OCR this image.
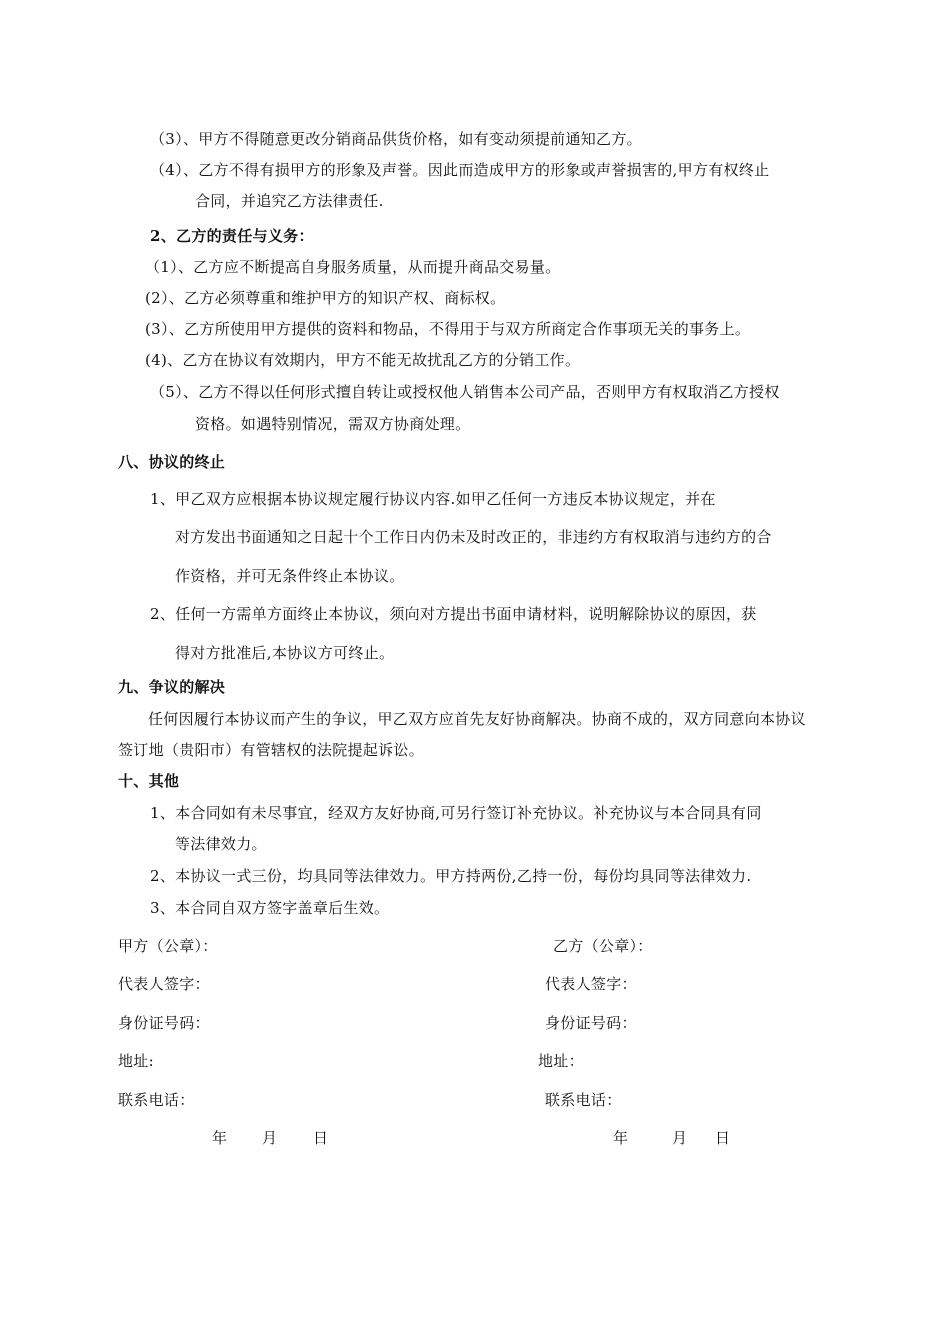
（3）、甲方不得随意更改分销商品供货价格，如有变动须提前通知乙方。
（4）、乙方不得有损甲方的形象及声誉。因此而造成甲方的形象或声誉损害的,甲方有权终止
合同，并追究乙方法律责任.
2、乙方的责任与义务：
（1）、乙方应不断提高自身服务质量，从而提升商品交易量。
(2）、乙方必须尊重和维护甲方的知识产权、商标权。
(3）、乙方所使用甲方提供的资料和物品，不得用于与双方所商定合作事项无关的事务上。
(4)、乙方在协议有效期内，甲方不能无故扰乱乙方的分销工作。
（5）、乙方不得以任何形式擅自转让或授权他人销售本公司产品，否则甲方有权取消乙方授权
资格。如遇特别情况，需双方协商处理。
八、协议的终止
1、甲乙双方应根据本协议规定履行协议内容.如甲乙任何一方违反本协议规定，并在
对方发出书面通知之日起十个工作日内仍未及时改正的，非违约方有权取消与违约方的合
作资格，并可无条件终止本协议。
2、任何一方需单方面终止本协议，须向对方提出书面申请材料，说明解除协议的原因，获
得对方批准后,本协议方可终止。
九、争议的解决
任何因履行本协议而产生的争议，甲乙双方应首先友好协商解决。协商不成的，双方同意向本协议
签订地（贵阳市）有管辖权的法院提起诉讼。
十、其他
1、本合同如有未尽事宜，经双方友好协商,可另行签订补充协议。补充协议与本合同具有同
等法律效力。
2、本协议一式三份，均具同等法律效力。甲方持两份,乙持一份，每份均具同等法律效力.
3、本合同自双方签字盖章后生效。
甲方（公章）：
代表人签字：
身份证号码：
地址:
联系电话：
乙方（公章）：
代表人签字：
身份证号码：
地址：
联系电话：
年 月 日	年	月 日
